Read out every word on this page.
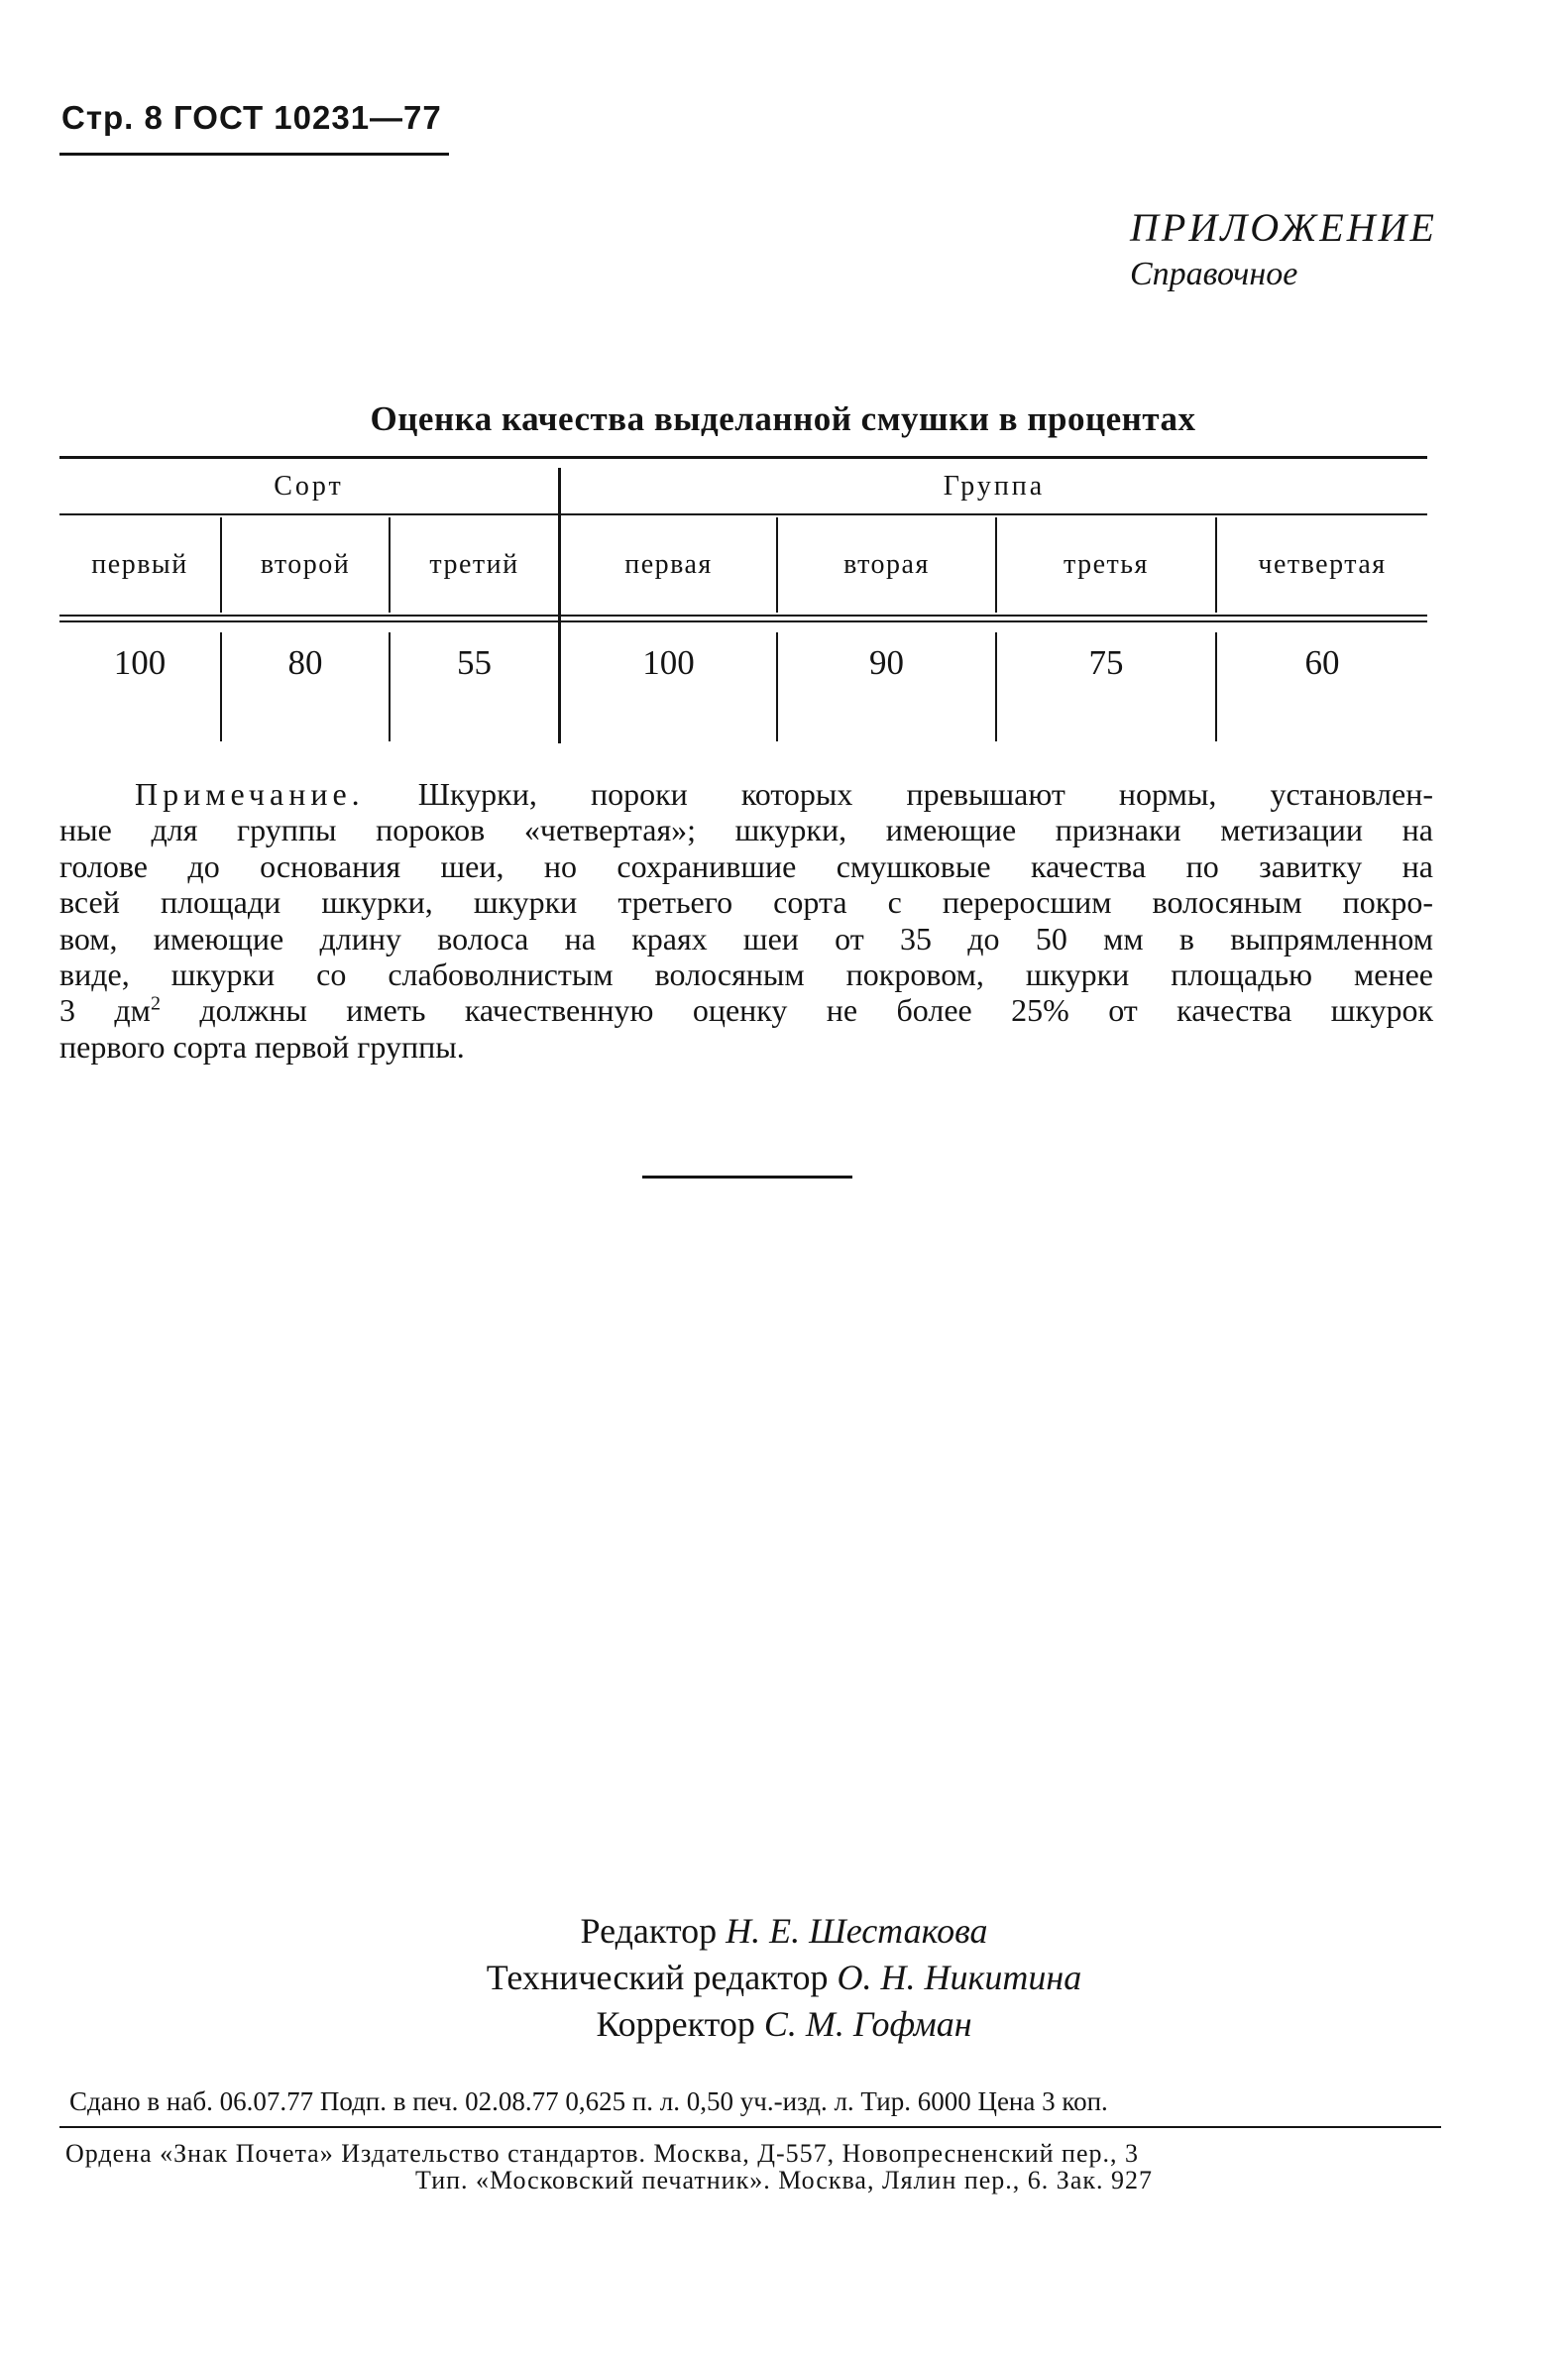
Стр. 8 ГОСТ 10231—77
ПРИЛОЖЕНИЕ
Справочное
Оценка качества выделанной смушки в процентах
Сорт	Группа
первый	второй	третий	первая	вторая	третья	четвертая
100	80	55	100	90	75	60
Примечание. Шкурки, пороки которых превышают нормы, установлен-
ные для группы пороков «четвертая»; шкурки, имеющие признаки метизации на
голове до основания шеи, но сохранившие смушковые качества по завитку на
всей площади шкурки, шкурки третьего сорта с переросшим волосяным покро-
вом, имеющие длину волоса на краях шеи от 35 до 50 мм в выпрямленном
виде, шкурки со слабоволнистым волосяным покровом, шкурки площадью менее
3 $дм^2$ должны иметь качественную оценку не более 25% от качества шкурок
первого сорта первой группы.
Редактор Н. Е. Шестакова
Технический редактор О. Н. Никитина
Корректор С. М. Гофман
Сдано в наб. 06.07.77 Подп. в печ. 02.08.77 0,625 п. л. 0,50 уч.-изд. л. Тир. 6000 Цена 3 коп.
Ордена «Знак Почета» Издательство стандартов. Москва, Д-557, Новопресненский пер., 3
Тип. «Московский печатник». Москва, Лялин пер., 6. Зак. 927
